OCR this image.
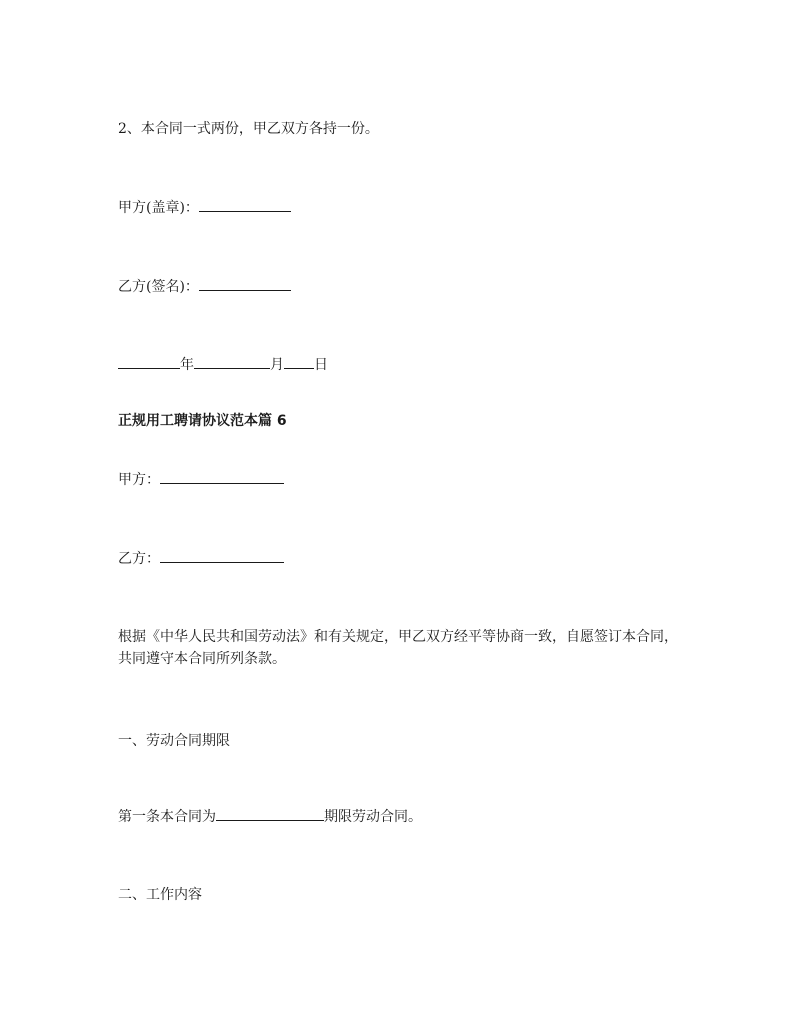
2、本合同一式两份，甲乙双方各持一份。
甲方(盖章)：
乙方(签名)：
年	月 日
正规用工聘请协议范本篇 6
甲方：
乙方：
根据《中华人民共和国劳动法》和有关规定，甲乙双方经平等协商一致，自愿签订本合同，共同遵守本合同所列条款。
一、劳动合同期限
第一条本合同为	期限劳动合同。
二、工作内容
